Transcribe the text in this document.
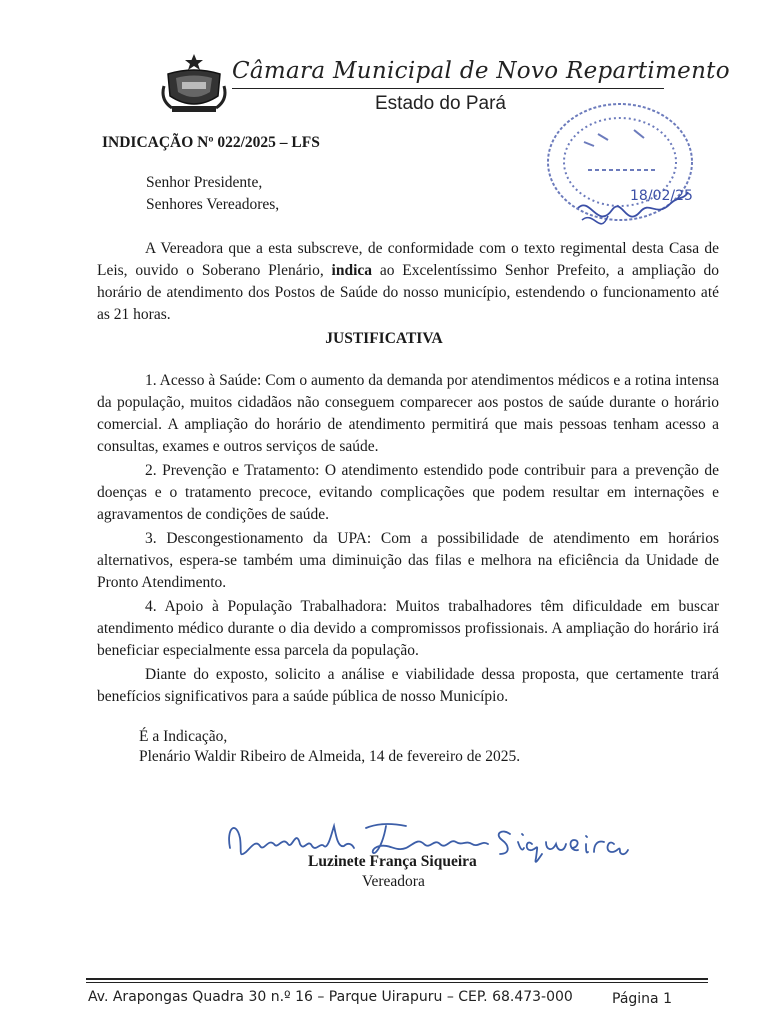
Câmara Municipal de Novo Repartimento
Estado do Pará
18/02/25
INDICAÇÃO Nº 022/2025 – LFS
Senhor Presidente,
Senhores Vereadores,
A Vereadora que a esta subscreve, de conformidade com o texto regimental desta Casa de Leis, ouvido o Soberano Plenário, indica ao Excelentíssimo Senhor Prefeito, a ampliação do horário de atendimento dos Postos de Saúde do nosso município, estendendo o funcionamento até as 21 horas.
JUSTIFICATIVA
1. Acesso à Saúde: Com o aumento da demanda por atendimentos médicos e a rotina intensa da população, muitos cidadãos não conseguem comparecer aos postos de saúde durante o horário comercial. A ampliação do horário de atendimento permitirá que mais pessoas tenham acesso a consultas, exames e outros serviços de saúde.
2. Prevenção e Tratamento: O atendimento estendido pode contribuir para a prevenção de doenças e o tratamento precoce, evitando complicações que podem resultar em internações e agravamentos de condições de saúde.
3. Descongestionamento da UPA: Com a possibilidade de atendimento em horários alternativos, espera-se também uma diminuição das filas e melhora na eficiência da Unidade de Pronto Atendimento.
4. Apoio à População Trabalhadora: Muitos trabalhadores têm dificuldade em buscar atendimento médico durante o dia devido a compromissos profissionais. A ampliação do horário irá beneficiar especialmente essa parcela da população.
Diante do exposto, solicito a análise e viabilidade dessa proposta, que certamente trará benefícios significativos para a saúde pública de nosso Município.
É a Indicação,
Plenário Waldir Ribeiro de Almeida, 14 de fevereiro de 2025.
Luzinete França Siqueira
Vereadora
Av. Arapongas Quadra 30 n.º 16 – Parque Uirapuru – CEP. 68.473-000	Página 1
